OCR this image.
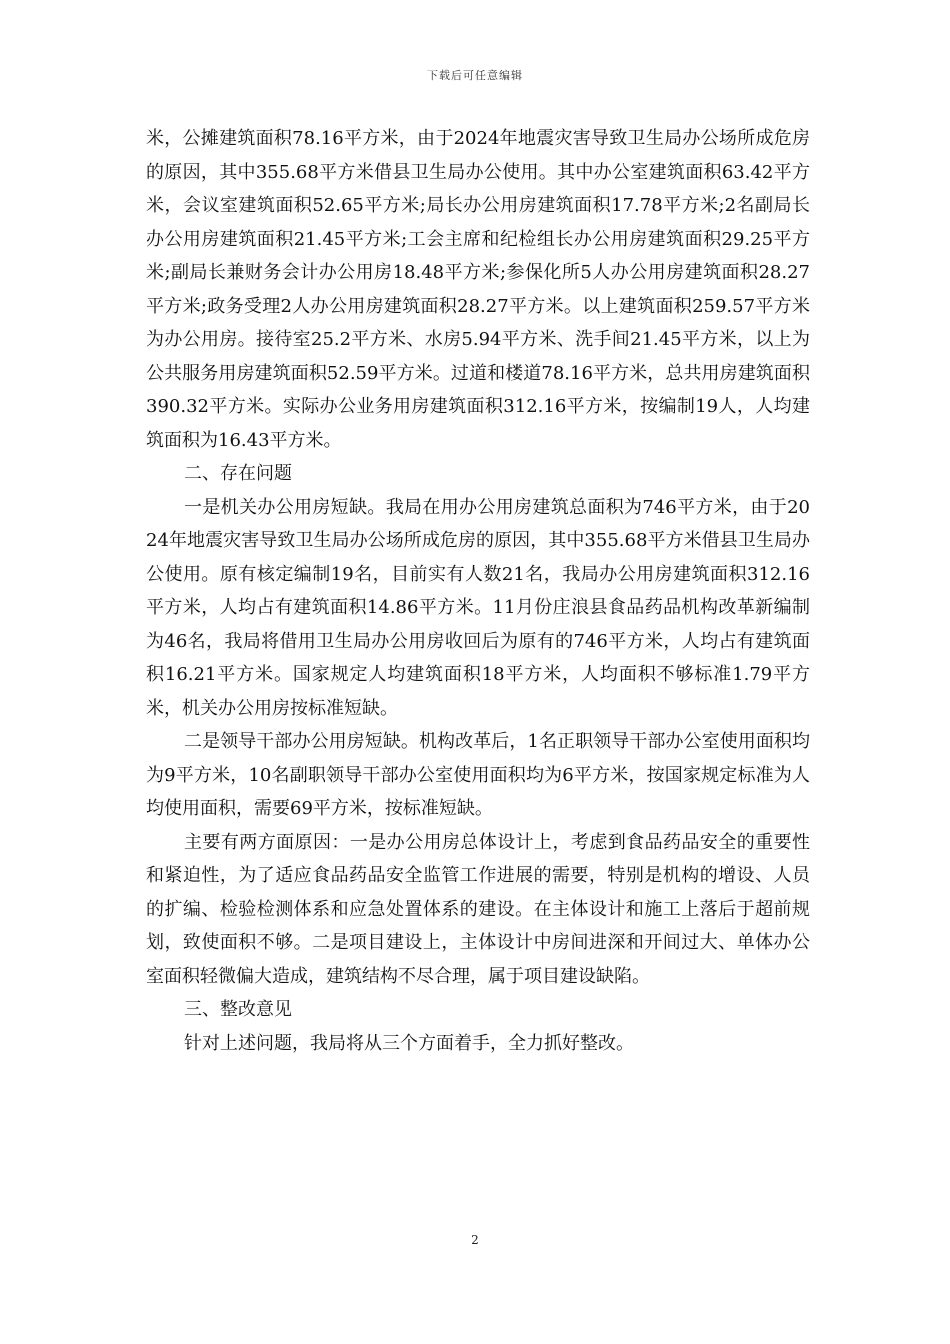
下载后可任意编辑

米，公摊建筑面积78.16平方米，由于2024年地震灾害导致卫生局办公场所成危房的原因，其中355.68平方米借县卫生局办公使用。其中办公室建筑面积63.42平方米，会议室建筑面积52.65平方米;局长办公用房建筑面积17.78平方米;2名副局长办公用房建筑面积21.45平方米;工会主席和纪检组长办公用房建筑面积29.25平方米;副局长兼财务会计办公用房18.48平方米;参保化所5人办公用房建筑面积28.27平方米;政务受理2人办公用房建筑面积28.27平方米。以上建筑面积259.57平方米为办公用房。接待室25.2平方米、水房5.94平方米、洗手间21.45平方米，以上为公共服务用房建筑面积52.59平方米。过道和楼道78.16平方米，总共用房建筑面积390.32平方米。实际办公业务用房建筑面积312.16平方米，按编制19人，人均建筑面积为16.43平方米。

二、存在问题

一是机关办公用房短缺。我局在用办公用房建筑总面积为746平方米，由于2024年地震灾害导致卫生局办公场所成危房的原因，其中355.68平方米借县卫生局办公使用。原有核定编制19名，目前实有人数21名，我局办公用房建筑面积312.16平方米，人均占有建筑面积14.86平方米。11月份庄浪县食品药品机构改革新编制为46名，我局将借用卫生局办公用房收回后为原有的746平方米，人均占有建筑面积16.21平方米。国家规定人均建筑面积18平方米，人均面积不够标准1.79平方米，机关办公用房按标准短缺。

二是领导干部办公用房短缺。机构改革后，1名正职领导干部办公室使用面积均为9平方米，10名副职领导干部办公室使用面积均为6平方米，按国家规定标准为人均使用面积，需要69平方米，按标准短缺。

主要有两方面原因：一是办公用房总体设计上，考虑到食品药品安全的重要性和紧迫性，为了适应食品药品安全监管工作进展的需要，特别是机构的增设、人员的扩编、检验检测体系和应急处置体系的建设。在主体设计和施工上落后于超前规划，致使面积不够。二是项目建设上，主体设计中房间进深和开间过大、单体办公室面积轻微偏大造成，建筑结构不尽合理，属于项目建设缺陷。

三、整改意见

针对上述问题，我局将从三个方面着手，全力抓好整改。

2
